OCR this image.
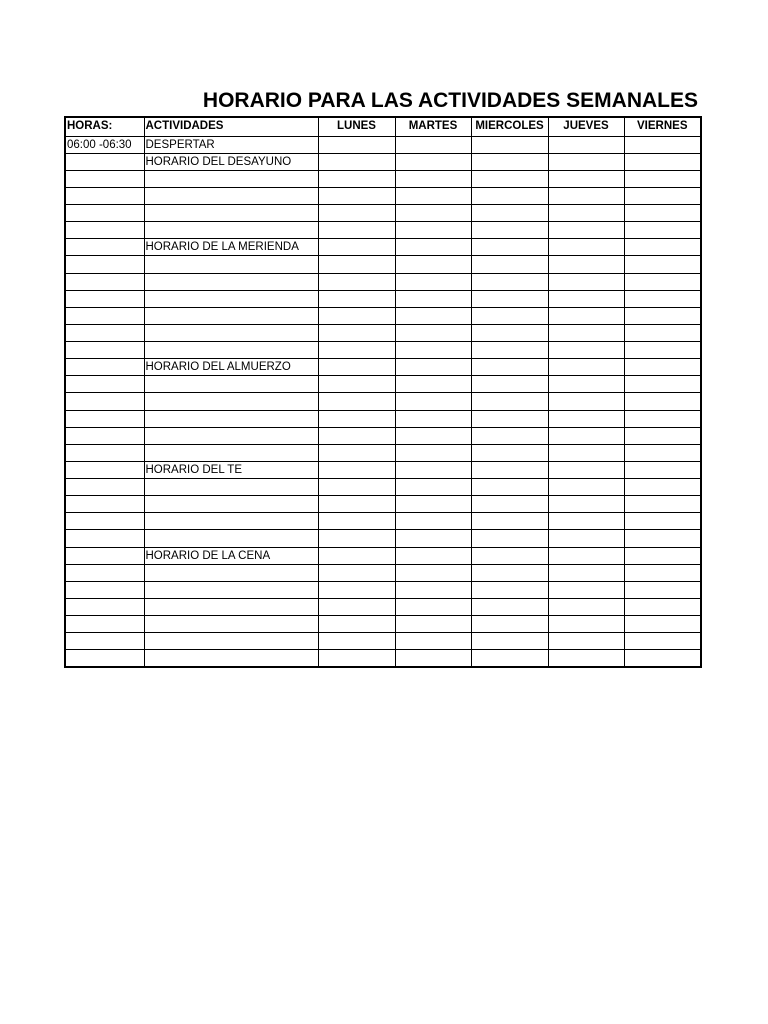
HORARIO PARA LAS ACTIVIDADES SEMANALES
HORAS:	ACTIVIDADES	LUNES	MARTES	MIERCOLES	JUEVES	VIERNES
06:00 -06:30	DESPERTAR					
	HORARIO DEL DESAYUNO					

	HORARIO DE LA MERIENDA					

	HORARIO DEL ALMUERZO					

	HORARIO DEL TE					

	HORARIO DE LA CENA					
